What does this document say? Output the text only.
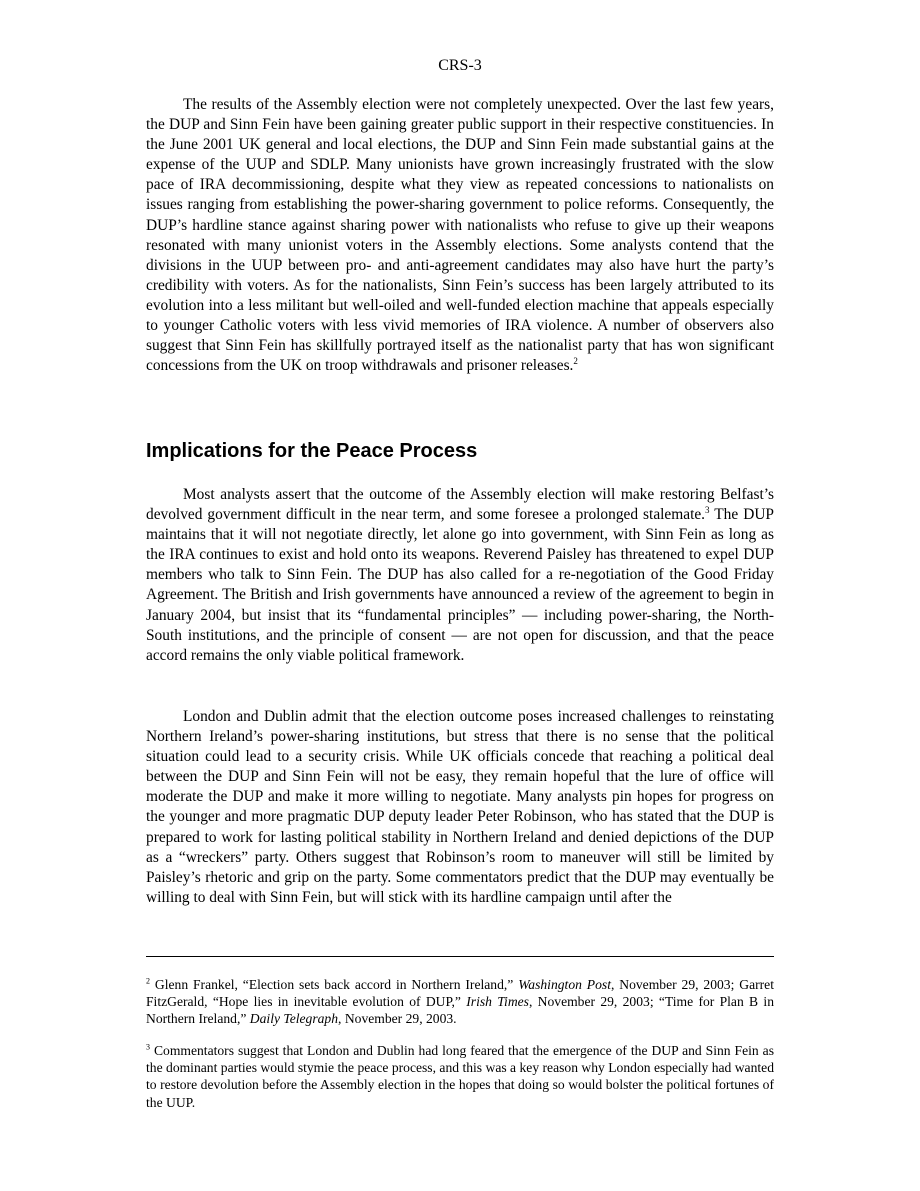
CRS-3

The results of the Assembly election were not completely unexpected. Over the last few years, the DUP and Sinn Fein have been gaining greater public support in their respective constituencies. In the June 2001 UK general and local elections, the DUP and Sinn Fein made substantial gains at the expense of the UUP and SDLP. Many unionists have grown increasingly frustrated with the slow pace of IRA decommissioning, despite what they view as repeated concessions to nationalists on issues ranging from establishing the power-sharing government to police reforms. Consequently, the DUP’s hardline stance against sharing power with nationalists who refuse to give up their weapons resonated with many unionist voters in the Assembly elections. Some analysts contend that the divisions in the UUP between pro- and anti-agreement candidates may also have hurt the party’s credibility with voters. As for the nationalists, Sinn Fein’s success has been largely attributed to its evolution into a less militant but well-oiled and well-funded election machine that appeals especially to younger Catholic voters with less vivid memories of IRA violence. A number of observers also suggest that Sinn Fein has skillfully portrayed itself as the nationalist party that has won significant concessions from the UK on troop withdrawals and prisoner releases.$^2$

Implications for the Peace Process

Most analysts assert that the outcome of the Assembly election will make restoring Belfast’s devolved government difficult in the near term, and some foresee a prolonged stalemate.$^3$ The DUP maintains that it will not negotiate directly, let alone go into government, with Sinn Fein as long as the IRA continues to exist and hold onto its weapons. Reverend Paisley has threatened to expel DUP members who talk to Sinn Fein. The DUP has also called for a re-negotiation of the Good Friday Agreement. The British and Irish governments have announced a review of the agreement to begin in January 2004, but insist that its “fundamental principles” — including power-sharing, the North-South institutions, and the principle of consent — are not open for discussion, and that the peace accord remains the only viable political framework.

London and Dublin admit that the election outcome poses increased challenges to reinstating Northern Ireland’s power-sharing institutions, but stress that there is no sense that the political situation could lead to a security crisis. While UK officials concede that reaching a political deal between the DUP and Sinn Fein will not be easy, they remain hopeful that the lure of office will moderate the DUP and make it more willing to negotiate. Many analysts pin hopes for progress on the younger and more pragmatic DUP deputy leader Peter Robinson, who has stated that the DUP is prepared to work for lasting political stability in Northern Ireland and denied depictions of the DUP as a “wreckers” party. Others suggest that Robinson’s room to maneuver will still be limited by Paisley’s rhetoric and grip on the party. Some commentators predict that the DUP may eventually be willing to deal with Sinn Fein, but will stick with its hardline campaign until after the

$^2$ Glenn Frankel, “Election sets back accord in Northern Ireland,” Washington Post, November 29, 2003; Garret FitzGerald, “Hope lies in inevitable evolution of DUP,” Irish Times, November 29, 2003; “Time for Plan B in Northern Ireland,” Daily Telegraph, November 29, 2003.

$^3$ Commentators suggest that London and Dublin had long feared that the emergence of the DUP and Sinn Fein as the dominant parties would stymie the peace process, and this was a key reason why London especially had wanted to restore devolution before the Assembly election in the hopes that doing so would bolster the political fortunes of the UUP.
